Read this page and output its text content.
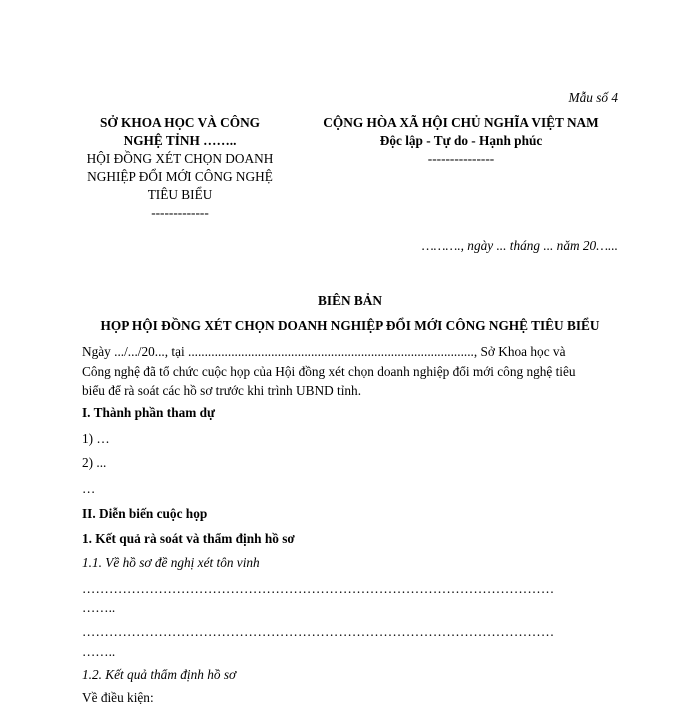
Mẫu số 4
SỞ KHOA HỌC VÀ CÔNG
NGHỆ TỈNH ……..
HỘI ĐỒNG XÉT CHỌN DOANH
NGHIỆP ĐỔI MỚI CÔNG NGHỆ
TIÊU BIỂU
-------------
CỘNG HÒA XÃ HỘI CHỦ NGHĨA VIỆT NAM
Độc lập - Tự do - Hạnh phúc
---------------
………., ngày ... tháng ... năm 20…...
BIÊN BẢN
HỌP HỘI ĐỒNG XÉT CHỌN DOANH NGHIỆP ĐỔI MỚI CÔNG NGHỆ TIÊU BIỂU
Ngày .../.../20..., tại ......................................................................................, Sở Khoa học và
Công nghệ đã tổ chức cuộc họp của Hội đồng xét chọn doanh nghiệp đổi mới công nghệ tiêu
biểu để rà soát các hồ sơ trước khi trình UBND tỉnh.
I. Thành phần tham dự
1) …
2) ...
…
II. Diễn biến cuộc họp
1. Kết quả rà soát và thẩm định hồ sơ
1.1. Về hồ sơ đề nghị xét tôn vinh
……………………………………………………………………………………………
……..
……………………………………………………………………………………………
……..
1.2. Kết quả thẩm định hồ sơ
Về điều kiện:
